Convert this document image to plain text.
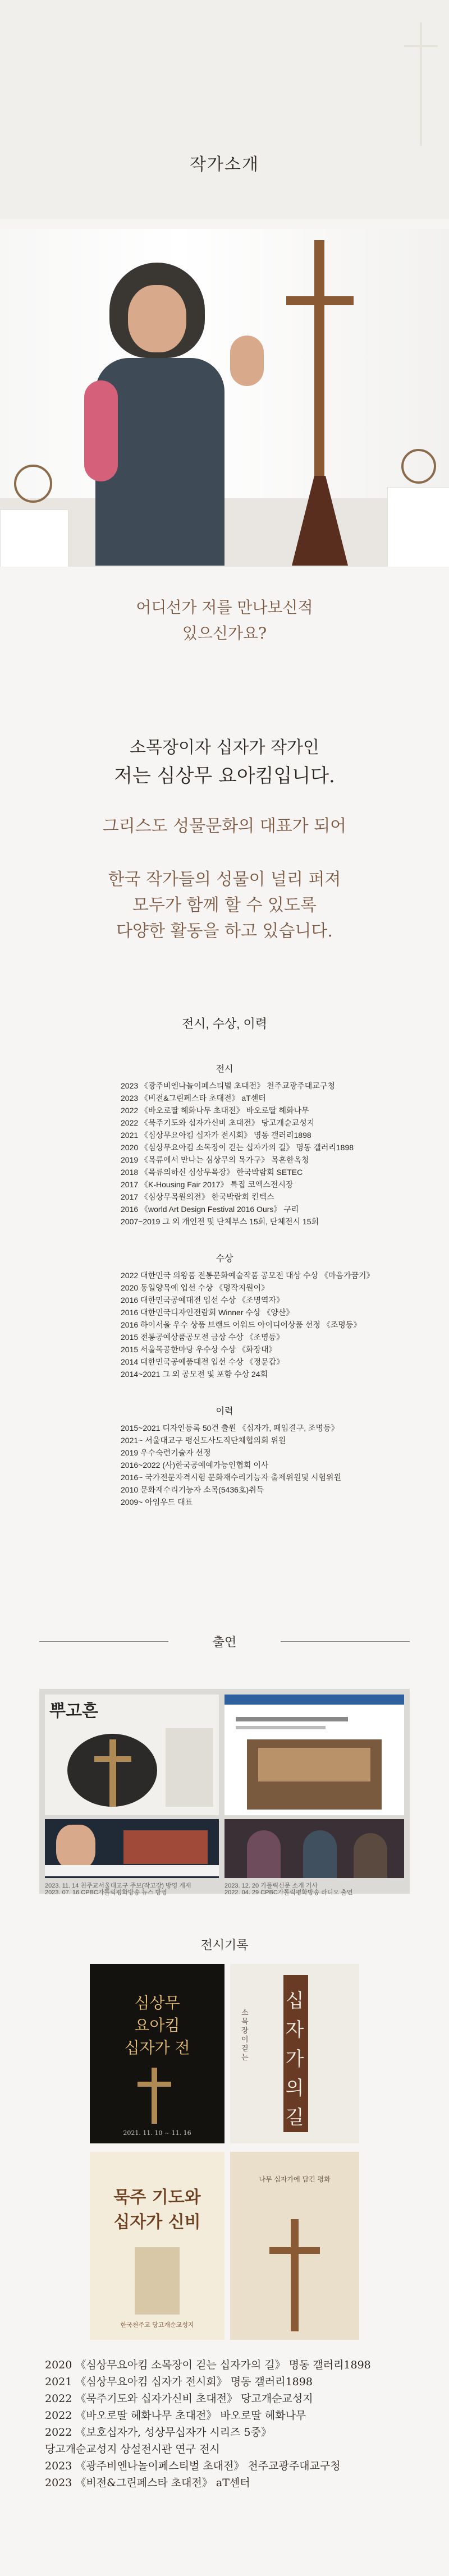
작가소개
어디선가 저를 만나보신적
있으신가요?
소목장이자 십자가 작가인
저는 심상무 요아킴입니다.
그리스도 성물문화의 대표가 되어
한국 작가들의 성물이 널리 퍼져
모두가 함께 할 수 있도록
다양한 활동을 하고 있습니다.
전시, 수상, 이력
전시
2023 《광주비엔나놀이페스티벌 초대전》 천주교광주대교구청
2023 《비전&그린페스타 초대전》 aT센터
2022 《바오로딸 헤화나무 초대전》 바오로딸 헤화나무
2022 《묵주기도와 십자가신비 초대전》 당고개순교성지
2021 《심상무요아킴 십자가 전시회》 명동 갤러리1898
2020 《심상무요아킴 소목장이 걷는 십자가의 길》 명동 갤러리1898
2019 《목류에서 만나는 심상무의 목가구》 목흔한옥청
2018 《목류의하신 심상무목장》 한국박람회 SETEC
2017 《K-Housing Fair 2017》 특집 코엑스전시장
2017 《심상무목원의전》 한국박람회 킨텍스
2016 《world Art Design Festival 2016 Ours》 구리
2007~2019 그 외 개인전 및 단체부스 15회, 단체전시 15회
수상
2022 대한민국 의왕품 전통문화예술작품 공모전 대상 수상 《마음가꿈기》
2020 동일양목예 입선 수상 《명작지원이》
2016 대한민국공예대전 입선 수상 《조명역자》
2016 대한민국디자인전람회 Winner 수상 《양산》
2016 하이서울 우수 상품 브랜드 어워드 아이디어상품 선정 《조명등》
2015 전통공예상품공모전 금상 수상 《조명등》
2015 서울목공한마당 우수상 수상 《화장대》
2014 대한민국공예품대전 입선 수상 《정문갑》
2014~2021 그 외 공모전 및 포함 수상 24회
이력
2015~2021 디자인등록 50건 출원 《십자가, 패임결구, 조명등》
2021~ 서울대교구 평신도사도직단체협의회 위원
2019 우수숙련기술자 선정
2016~2022 (사)한국공예예가능인협회 이사
2016~ 국가전문자격시험 문화재수리기능자 출제위원및 시험위원
2010 문화재수리기능자 소목(5436호)취득
2009~ 아임우드 대표
출연
뿌고흔
2023. 11. 14 천주교서울대교구 주보(작고장) 방영 게재
2023. 07. 16 CPBC가톨릭평화방송 뉴스 방영
2023. 12. 20 가톨릭신문 소개 기사
2022. 04. 29 CPBC가톨릭평화방송 라디오 출연
전시기록
심상무
요아킴
십자가 전
2021. 11. 10 ~ 11. 16
십
자
가
의
길
소목장이 걷는
묵주 기도와
십자가 신비
한국천주교 당고개순교성지
나무 십자가에 담긴 평화
2020 《심상무요아킴 소목장이 걷는 십자가의 길》 명동 갤러리1898
2021 《심상무요아킴 십자가 전시회》 명동 갤러리1898
2022 《묵주기도와 십자가신비 초대전》 당고개순교성지
2022 《바오로딸 헤화나무 초대전》 바오로딸 헤화나무
2022 《보호십자가, 성상무십자가 시리즈 5중》
당고개순교성지 상설전시관 연구 전시
2023 《광주비엔나놀이페스티벌 초대전》 천주교광주대교구청
2023 《비전&그린페스타 초대전》 aT센터
